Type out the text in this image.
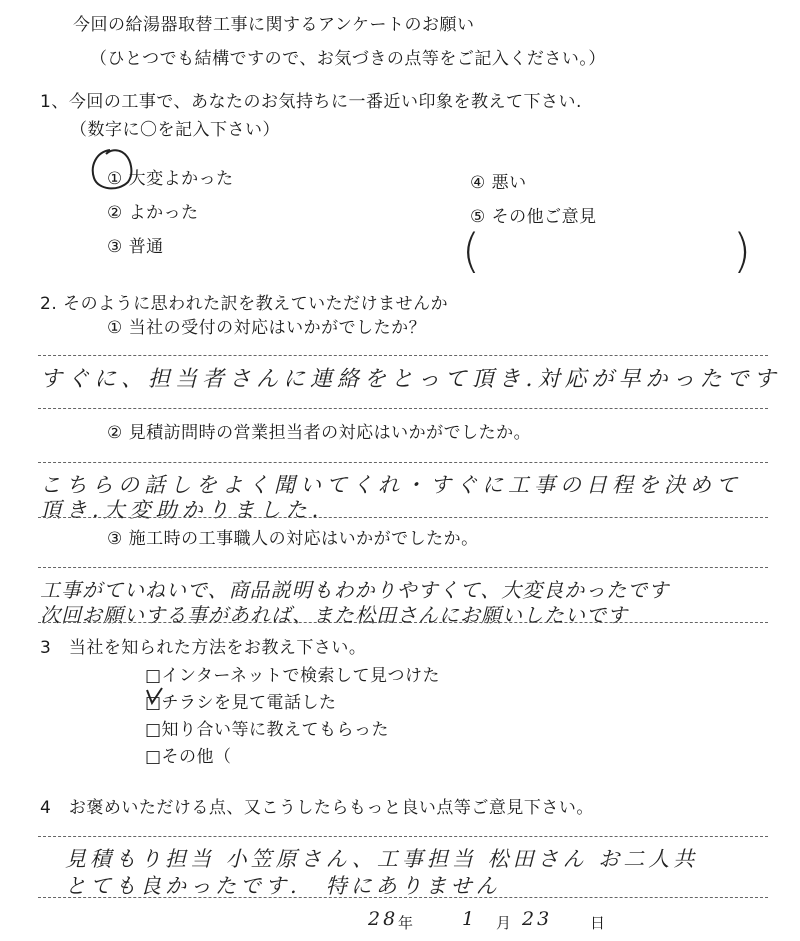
今回の給湯器取替工事に関するアンケートのお願い
（ひとつでも結構ですので、お気づきの点等をご記入ください。）
1、今回の工事で、あなたのお気持ちに一番近い印象を教えて下さい.
（数字に〇を記入下さい）
① 大変よかった
② よかった
③ 普通
④ 悪い
⑤ その他ご意見
(	)
2. そのように思われた訳を教えていただけませんか
① 当社の受付の対応はいかがでしたか？
すぐに、担当者さんに連絡をとって頂き.対応が早かったです
② 見積訪問時の営業担当者の対応はいかがでしたか。
こちらの話しをよく聞いてくれ・すぐに工事の日程を決めて
頂き.大変助かりました.
③ 施工時の工事職人の対応はいかがでしたか。
工事がていねいで、商品説明もわかりやすくて、大変良かったです
次回お願いする事があれば、また松田さんにお願いしたいです
3　当社を知られた方法をお教え下さい。
□インターネットで検索して見つけた
□チラシを見て電話した
□知り合い等に教えてもらった
□その他（
4　お褒めいただける点、又こうしたらもっと良い点等ご意見下さい。
見積もり担当 小笠原さん、工事担当 松田さん お二人共
とても良かったです.　特にありません
28 年	1 月 23	日
